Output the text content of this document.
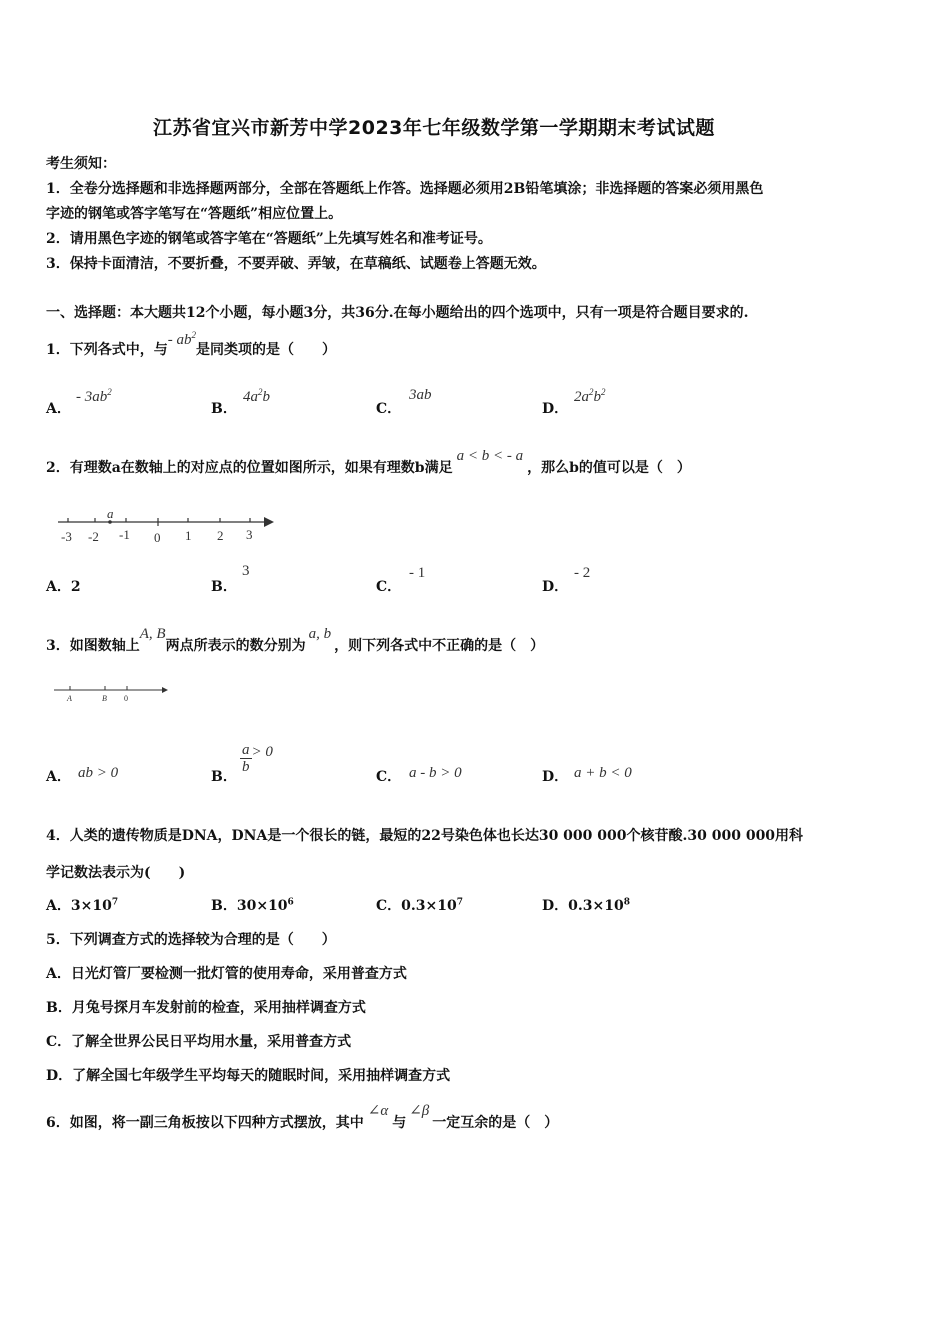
江苏省宜兴市新芳中学2023年七年级数学第一学期期末考试试题
考生须知：
1．全卷分选择题和非选择题两部分，全部在答题纸上作答。选择题必须用2B铅笔填涂；非选择题的答案必须用黑色
字迹的钢笔或答字笔写在“答题纸”相应位置上。
2．请用黑色字迹的钢笔或答字笔在“答题纸”上先填写姓名和准考证号。
3．保持卡面清洁，不要折叠，不要弄破、弄皱，在草稿纸、试题卷上答题无效。
一、选择题：本大题共12个小题，每小题3分，共36分.在每小题给出的四个选项中，只有一项是符合题目要求的.
1．下列各式中，与- $ab^2$是同类项的是（　　）
A．
- $3ab^2$
B．
$4a^2b$
C．
3ab
D．
$2a^2b^2$
2．有理数a在数轴上的对应点的位置如图所示，如果有理数b满足a < b < - a，那么b的值可以是（　）
a
-3 -2 -1 0 1 2 3
A．2	B．
3
C．
- 1
D．
- 2
3．如图数轴上A, B两点所表示的数分别为a, b，则下列各式中不正确的是（　）
A	B 0
A． ab > 0	B．
$\frac{a}{b} > 0$
C． a - b > 0	D． a + b < 0
4．人类的遗传物质是DNA，DNA是一个很长的链，最短的22号染色体也长达30 000 000个核苷酸.30 000 000用科
学记数法表示为(　　)
A．$3\times 10^7$	B．$30\times 10^6$	C．$0.3\times 10^7$	D．$0.3\times 10^8$
5．下列调查方式的选择较为合理的是（　　）
A．日光灯管厂要检测一批灯管的使用寿命，采用普查方式
B．月兔号探月车发射前的检查，采用抽样调查方式
C．了解全世界公民日平均用水量，采用普查方式
D．了解全国七年级学生平均每天的随眠时间，采用抽样调查方式
6．如图，将一副三角板按以下四种方式摆放，其中∠α与∠β一定互余的是（　）
